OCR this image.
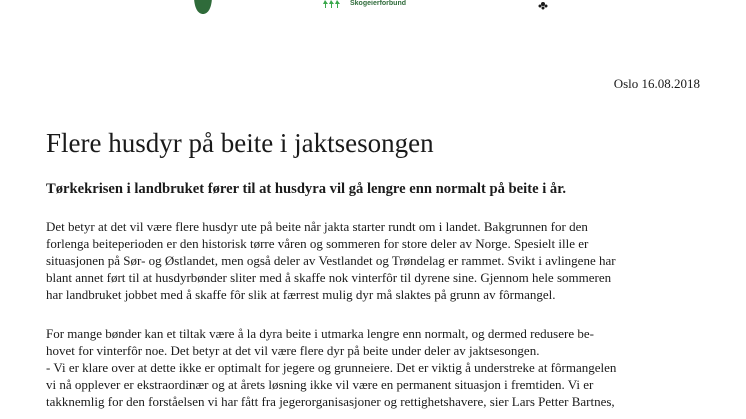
Skogeierforbund
Oslo 16.08.2018
Flere husdyr på beite i jaktsesongen

Tørkekrisen i landbruket fører til at husdyra vil gå lengre enn normalt på beite i år.

Det betyr at det vil være flere husdyr ute på beite når jakta starter rundt om i landet. Bakgrunnen for den
forlenga beiteperioden er den historisk tørre våren og sommeren for store deler av Norge. Spesielt ille er
situasjonen på Sør- og Østlandet, men også deler av Vestlandet og Trøndelag er rammet. Svikt i avlingene har
blant annet ført til at husdyrbønder sliter med å skaffe nok vinterfôr til dyrene sine. Gjennom hele sommeren
har landbruket jobbet med å skaffe fôr slik at færrest mulig dyr må slaktes på grunn av fôrmangel.
For mange bønder kan et tiltak være å la dyra beite i utmarka lengre enn normalt, og dermed redusere be-
hovet for vinterfôr noe. Det betyr at det vil være flere dyr på beite under deler av jaktsesongen.
- Vi er klare over at dette ikke er optimalt for jegere og grunneiere. Det er viktig å understreke at fôrmangelen
vi nå opplever er ekstraordinær og at årets løsning ikke vil være en permanent situasjon i fremtiden. Vi er
takknemlig for den forståelsen vi har fått fra jegerorganisasjoner og rettighetshavere, sier Lars Petter Bartnes,
